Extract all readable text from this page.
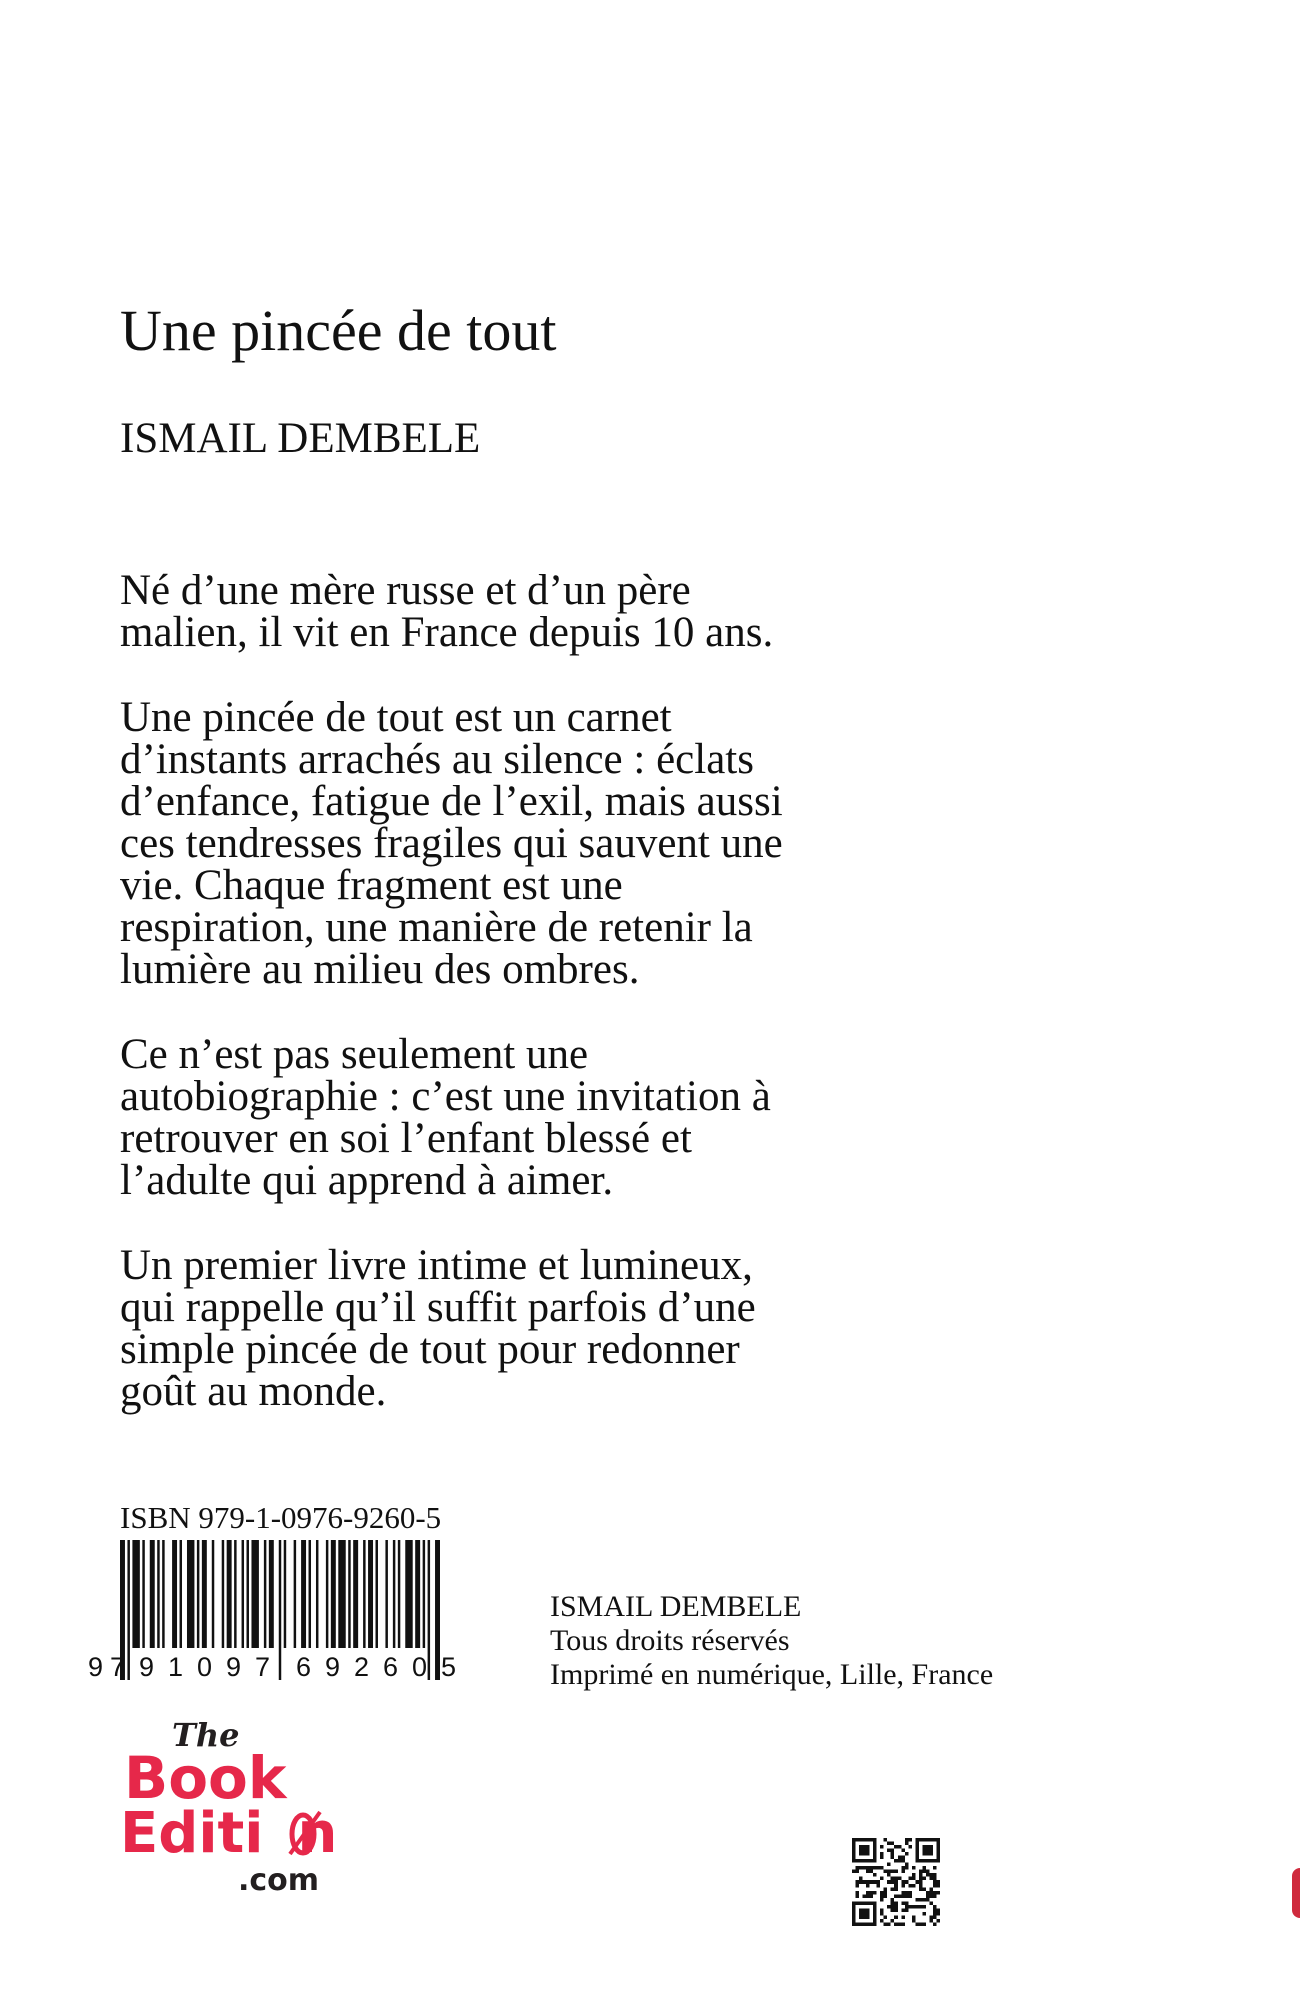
Une pincée de tout
ISMAIL DEMBELE

Né d’une mère russe et d’un père
malien, il vit en France depuis 10 ans.

Une pincée de tout est un carnet
d’instants arrachés au silence : éclats
d’enfance, fatigue de l’exil, mais aussi
ces tendresses fragiles qui sauvent une
vie. Chaque fragment est une
respiration, une manière de retenir la
lumière au milieu des ombres.

Ce n’est pas seulement une
autobiographie : c’est une invitation à
retrouver en soi l’enfant blessé et
l’adulte qui apprend à aimer.

Un premier livre intime et lumineux,
qui rappelle qu’il suffit parfois d’une
simple pincée de tout pour redonner
goût au monde.

ISBN 979-1-0976-9260-5
9 791097 692605
ISMAIL DEMBELE
Tous droits réservés
Imprimé en numérique, Lille, France
The
Book
Editi n
.com
